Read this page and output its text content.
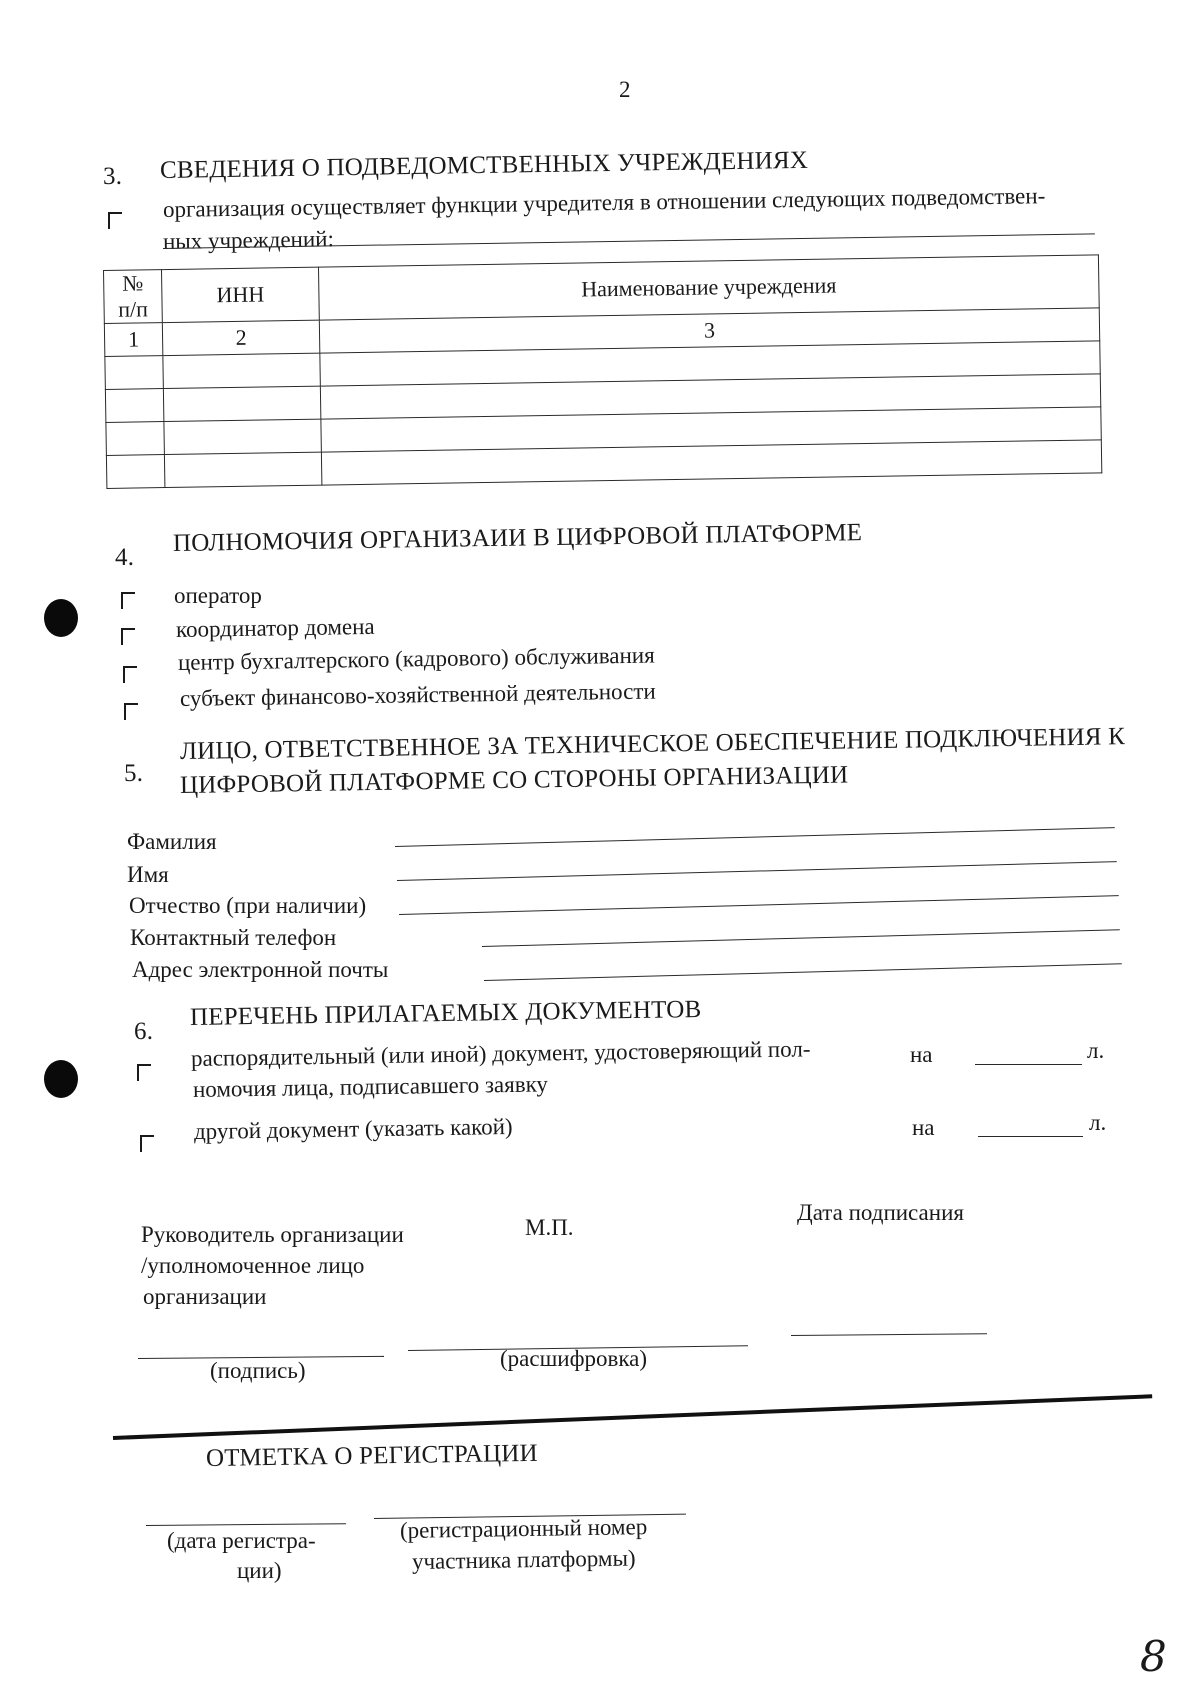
2
3. СВЕДЕНИЯ О ПОДВЕДОМСТВЕННЫХ УЧРЕЖДЕНИЯХ
организация осуществляет функции учредителя в отношении следующих подведомствен-
ных учреждений:
№
п/п	ИНН	Наименование учреждения
1	2	3

4.
ПОЛНОМОЧИЯ ОРГАНИЗАИИ В ЦИФРОВОЙ ПЛАТФОРМЕ
оператор
координатор домена
центр бухгалтерского (кадрового) обслуживания
субъект финансово-хозяйственной деятельности
5.
ЛИЦО, ОТВЕТСТВЕННОЕ ЗА ТЕХНИЧЕСКОЕ ОБЕСПЕЧЕНИЕ ПОДКЛЮЧЕНИЯ К
ЦИФРОВОЙ ПЛАТФОРМЕ СО СТОРОНЫ ОРГАНИЗАЦИИ
Фамилия
Имя
Отчество (при наличии)
Контактный телефон
Адрес электронной почты
6.
ПЕРЕЧЕНЬ ПРИЛАГАЕМЫХ ДОКУМЕНТОВ
распорядительный (или иной) документ, удостоверяющий пол-
номочия лица, подписавшего заявку
на	л.
другой документ (указать какой)	на	л.
Руководитель организации
/уполномоченное лицо
организации
М.П.
Дата подписания
(подпись)	(расшифровка)
ОТМЕТКА О РЕГИСТРАЦИИ
(дата регистра-
ции)
(регистрационный номер
участника платформы)
8
